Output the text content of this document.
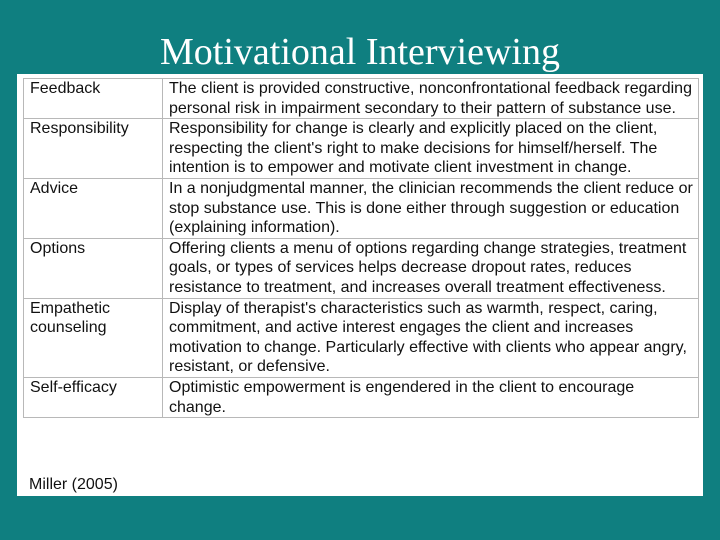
Motivational Interviewing
Feedback	The client is provided constructive, nonconfrontational feedback regarding personal risk in impairment secondary to their pattern of substance use.
Responsibility	Responsibility for change is clearly and explicitly placed on the client, respecting the client's right to make decisions for himself/herself. The intention is to empower and motivate client investment in change.
Advice	In a nonjudgmental manner, the clinician recommends the client reduce or stop substance use. This is done either through suggestion or education (explaining information).
Options	Offering clients a menu of options regarding change strategies, treatment goals, or types of services helps decrease dropout rates, reduces resistance to treatment, and increases overall treatment effectiveness.
Empathetic counseling	Display of therapist's characteristics such as warmth, respect, caring, commitment, and active interest engages the client and increases motivation to change. Particularly effective with clients who appear angry, resistant, or defensive.
Self-efficacy	Optimistic empowerment is engendered in the client to encourage change.
Miller (2005)
